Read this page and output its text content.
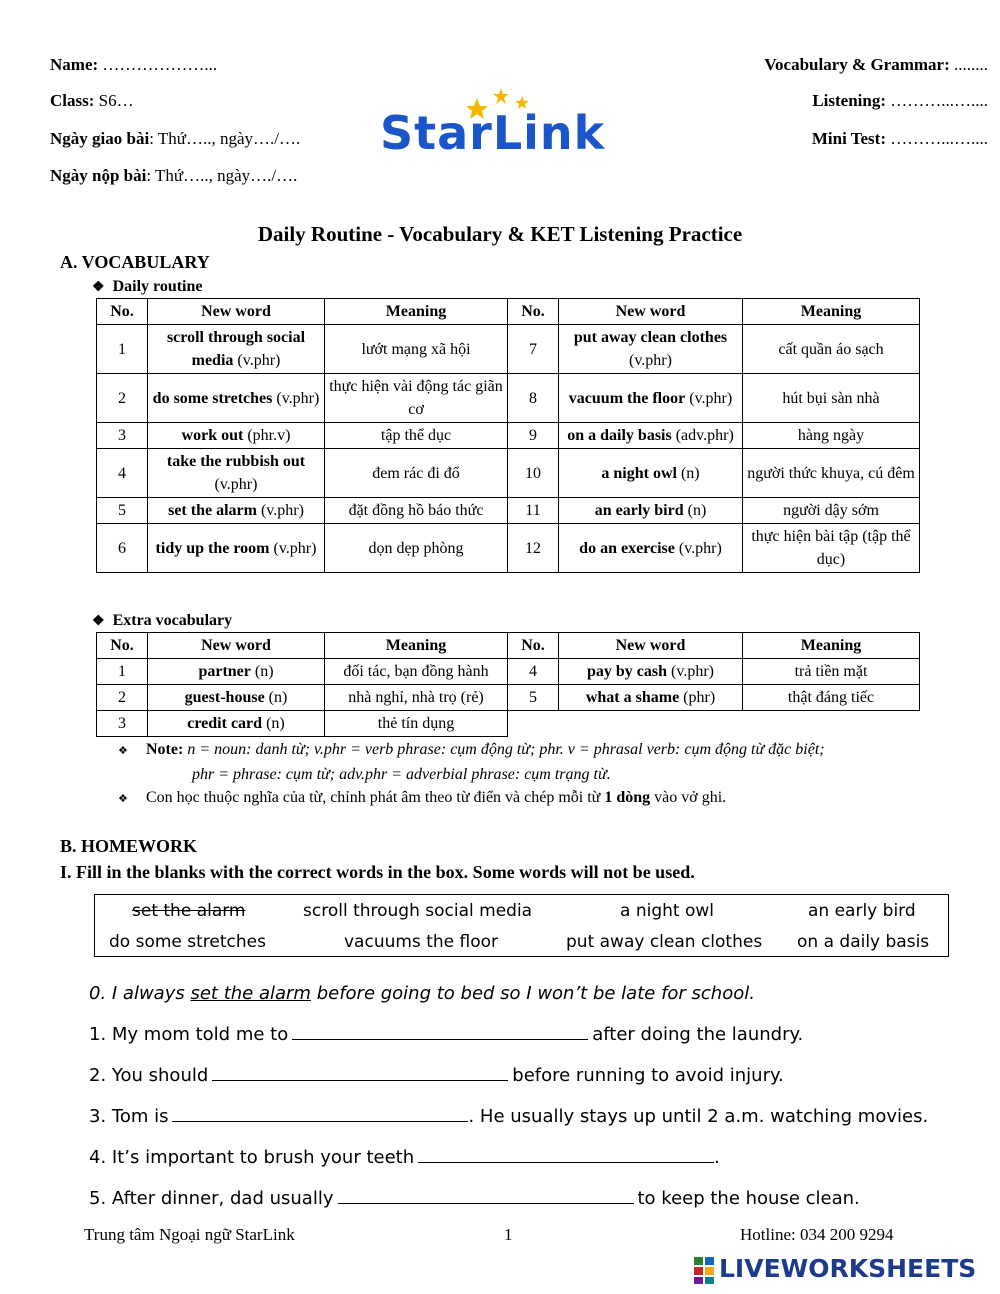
Name: ………………...
Class: S6…
Ngày giao bài: Thứ….., ngày…./….
Ngày nộp bài: Thứ….., ngày…./….
Vocabulary & Grammar: ........
Listening: ………...…....
Mini Test: ………...…....
StarLink
Daily Routine - Vocabulary & KET Listening Practice
A. VOCABULARY
❖ Daily routine
No.	New word	Meaning	No.	New word	Meaning
1	scroll through social media (v.phr)	lướt mạng xã hội	7	put away clean clothes (v.phr)	cất quần áo sạch
2	do some stretches (v.phr)	thực hiện vài động tác giãn cơ	8	vacuum the floor (v.phr)	hút bụi sàn nhà
3	work out (phr.v)	tập thể dục	9	on a daily basis (adv.phr)	hàng ngày
4	take the rubbish out (v.phr)	đem rác đi đổ	10	a night owl (n)	người thức khuya, cú đêm
5	set the alarm (v.phr)	đặt đồng hồ báo thức	11	an early bird (n)	người dậy sớm
6	tidy up the room (v.phr)	dọn dẹp phòng	12	do an exercise (v.phr)	thực hiện bài tập (tập thể dục)
❖ Extra vocabulary
No.	New word	Meaning	No.	New word	Meaning
1	partner (n)	đối tác, bạn đồng hành	4	pay by cash (v.phr)	trả tiền mặt
2	guest-house (n)	nhà nghỉ, nhà trọ (rẻ)	5	what a shame (phr)	thật đáng tiếc
3	credit card (n)	thẻ tín dụng			
❖ Note: n = noun: danh từ; v.phr = verb phrase: cụm động từ; phr. v = phrasal verb: cụm động từ đặc biệt;
phr = phrase: cụm từ; adv.phr = adverbial phrase: cụm trạng từ.
❖ Con học thuộc nghĩa của từ, chỉnh phát âm theo từ điển và chép mỗi từ 1 dòng vào vở ghi.
B. HOMEWORK
I. Fill in the blanks with the correct words in the box. Some words will not be used.
set the alarm	scroll through social media	a night owl	an early bird
do some stretches	vacuums the floor	put away clean clothes on a daily basis
0. I always set the alarm before going to bed so I won’t be late for school.
1. My mom told me to	after doing the laundry.
2. You should	before running to avoid injury.
3. Tom is	. He usually stays up until 2 a.m. watching movies.
4. It’s important to brush your teeth	.
5. After dinner, dad usually	to keep the house clean.
Trung tâm Ngoại ngữ StarLink	1	Hotline: 034 200 9294
LIVEWORKSHEETS
